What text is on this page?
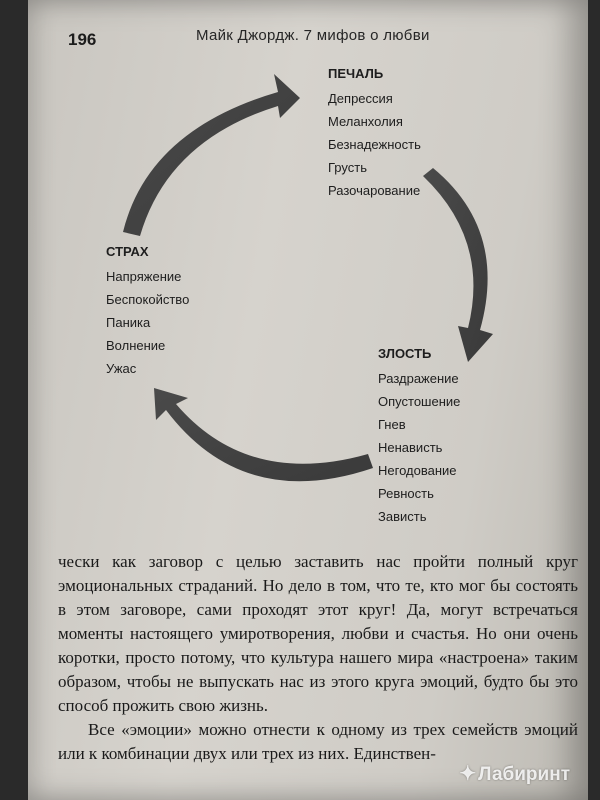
196	Майк Джордж. 7 мифов о любви
ПЕЧАЛЬ
Депрессия
Меланхолия
Безнадежность
Грусть
Разочарование
СТРАХ
Напряжение
Беспокойство
Паника
Волнение
Ужас
ЗЛОСТЬ
Раздражение
Опустошение
Гнев
Ненависть
Негодование
Ревность
Зависть

чески как заговор с целью заставить нас пройти полный круг эмоциональных страданий. Но дело в том, что те, кто мог бы состоять в этом заговоре, сами проходят этот круг! Да, могут встречаться моменты настоящего умиротворения, любви и счастья. Но они очень коротки, просто потому, что культура нашего мира «настроена» таким образом, чтобы не выпускать нас из этого круга эмоций, будто бы это способ прожить свою жизнь.

Все «эмоции» можно отнести к одному из трех семейств эмоций или к комбинации двух или трех из них. Единствен-

✦ Лабиринт
